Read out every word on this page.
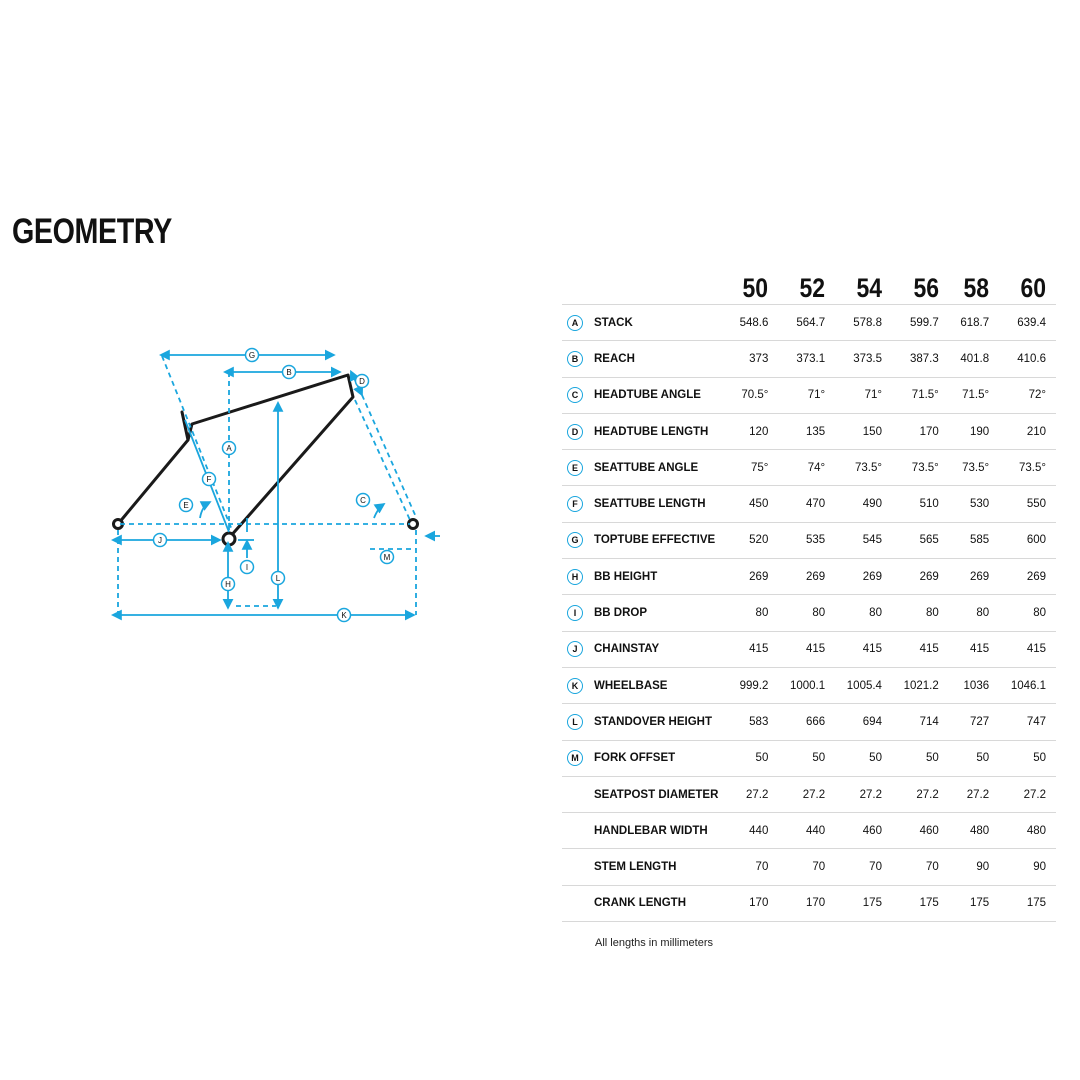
GEOMETRY
G
B
D
A
F
E
C
J
I
M
H
L
K
		50	52	54	56	58	60
A	STACK	548.6	564.7	578.8	599.7	618.7	639.4
B	REACH	373	373.1	373.5	387.3	401.8	410.6
C	HEADTUBE ANGLE	70.5°	71°	71°	71.5°	71.5°	72°
D	HEADTUBE LENGTH	120	135	150	170	190	210
E	SEATTUBE ANGLE	75°	74°	73.5°	73.5°	73.5°	73.5°
F	SEATTUBE LENGTH	450	470	490	510	530	550
G	TOPTUBE EFFECTIVE	520	535	545	565	585	600
H	BB HEIGHT	269	269	269	269	269	269
I	BB DROP	80	80	80	80	80	80
J	CHAINSTAY	415	415	415	415	415	415
K	WHEELBASE	999.2	1000.1	1005.4	1021.2	1036	1046.1
L	STANDOVER HEIGHT	583	666	694	714	727	747
M	FORK OFFSET	50	50	50	50	50	50
	SEATPOST DIAMETER	27.2	27.2	27.2	27.2	27.2	27.2
	HANDLEBAR WIDTH	440	440	460	460	480	480
	STEM LENGTH	70	70	70	70	90	90
	CRANK LENGTH	170	170	175	175	175	175
All lengths in millimeters
